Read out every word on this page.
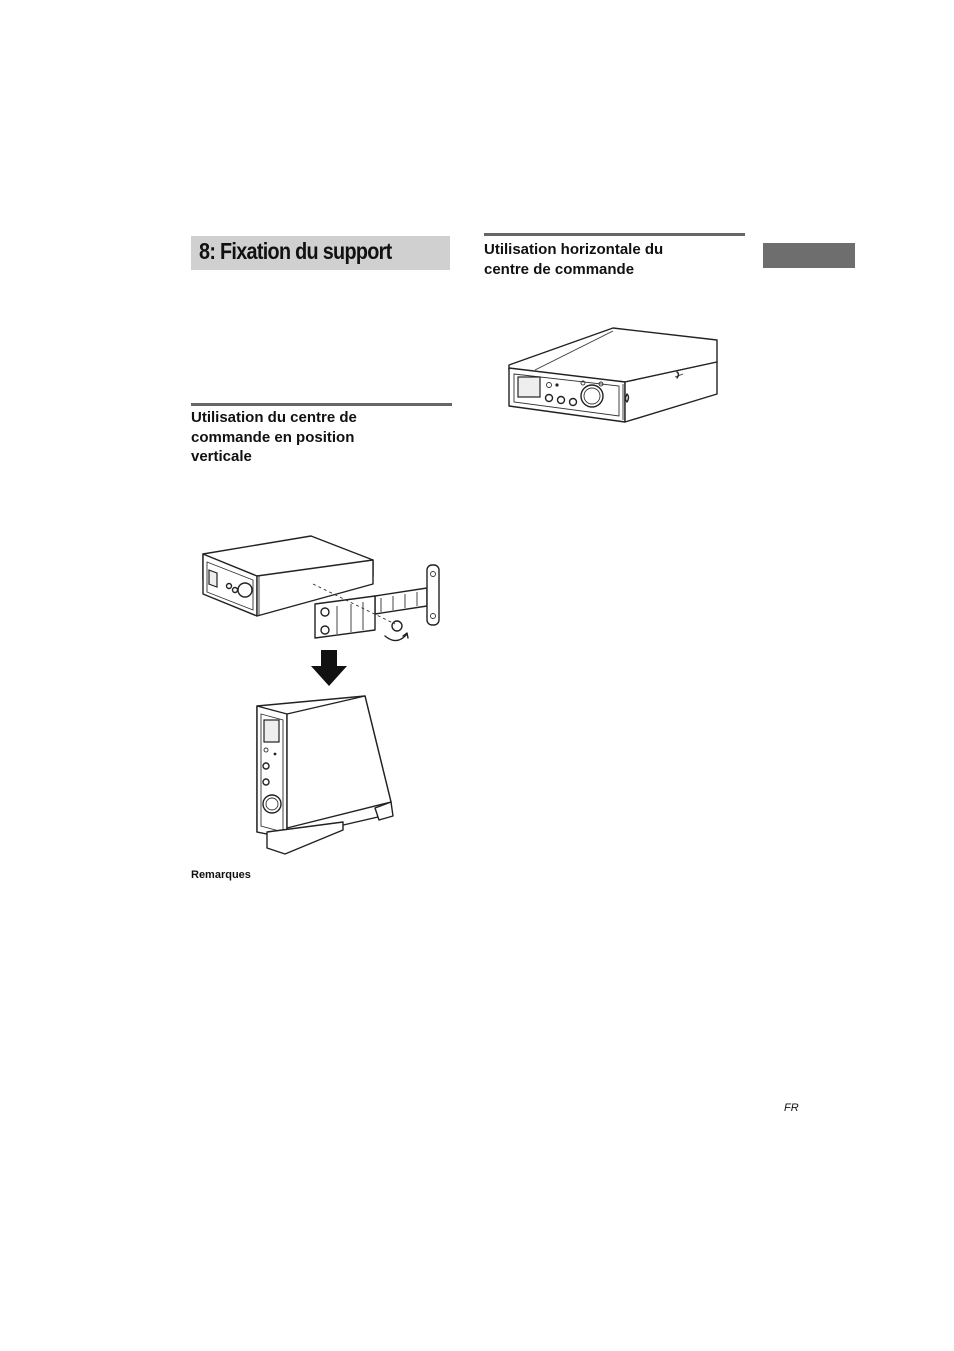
8: Fixation du support	Utilisation horizontale du
centre de commande
Utilisation du centre de
commande en position
verticale
Remarques
FR
